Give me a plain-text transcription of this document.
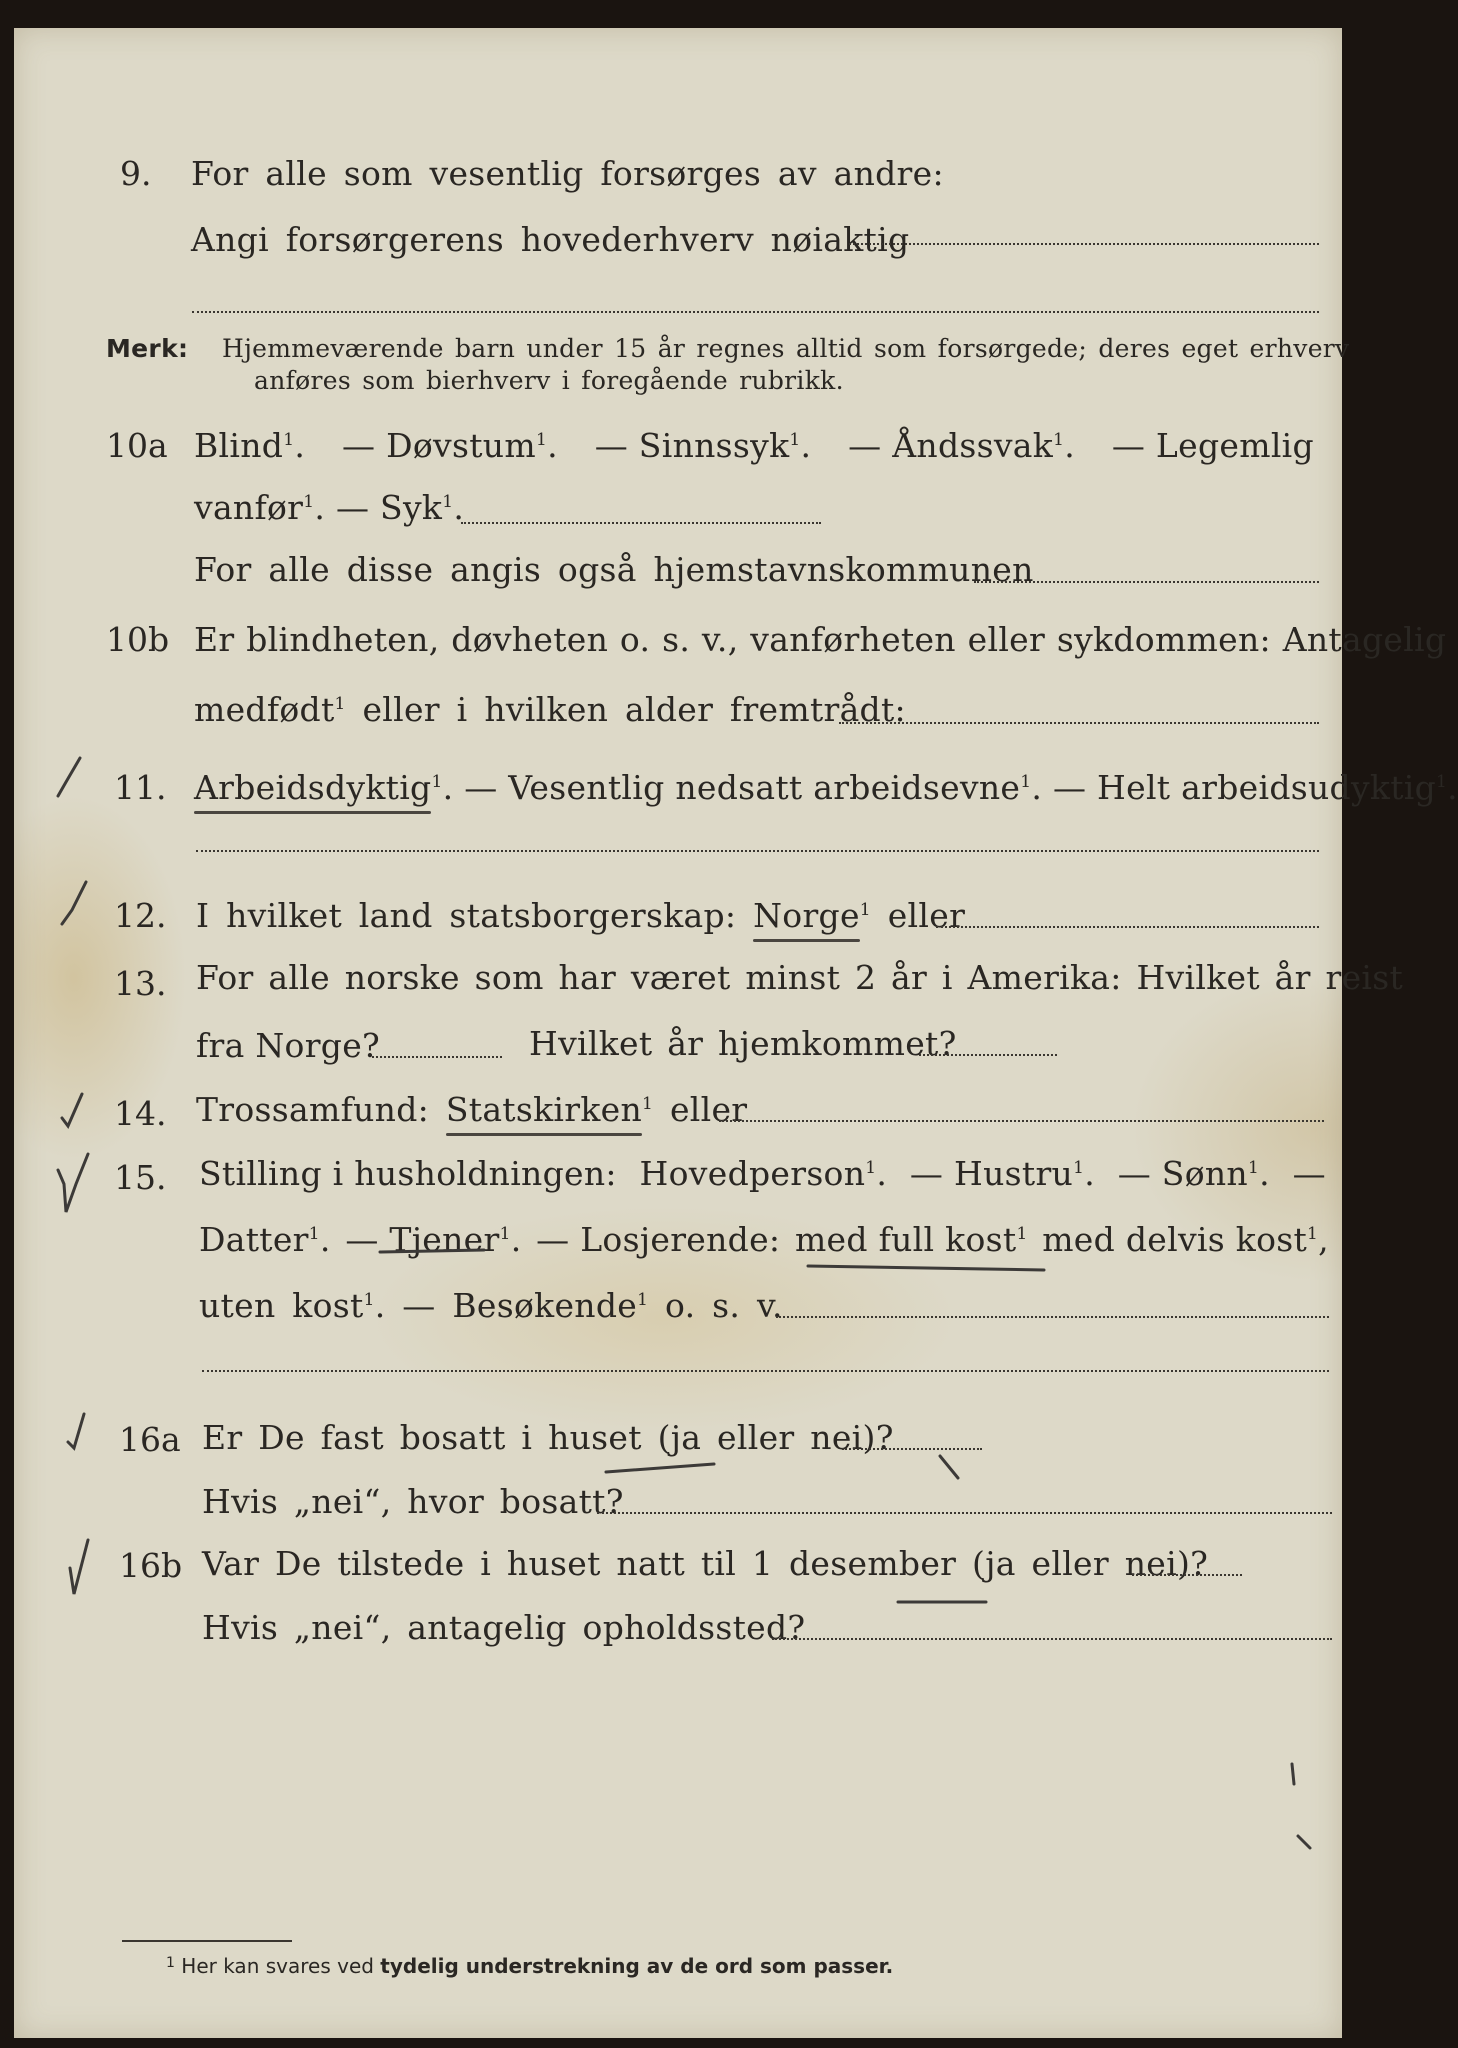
9. For alle som vesentlig forsørges av andre:
Angi forsørgerens hovederhverv nøiaktig
Merk: Hjemmeværende barn under 15 år regnes alltid som forsørgede; deres eget erhverv
anføres som bierhverv i foregående rubrikk.
10a Blind$^1$. — Døvstum$^1$. — Sinnssyk$^1$. — Åndssvak$^1$. — Legemlig
vanfør$^1$. — Syk$^1$.
For alle disse angis også hjemstavnskommunen
10b Er blindheten, døvheten o. s. v., vanførheten eller sykdommen: Antagelig
medfødt$^1$ eller i hvilken alder fremtrådt:
11. Arbeidsdyktig$^1$. — Vesentlig nedsatt arbeidsevne$^1$. — Helt arbeidsudyktig$^1$.
12. I hvilket land statsborgerskap: Norge$^1$ eller
13. For alle norske som har været minst 2 år i Amerika: Hvilket år reist
fra Norge?	Hvilket år hjemkommet?
14. Trossamfund: Statskirken$^1$ eller
15. Stilling i husholdningen: Hovedperson$^1$. — Hustru$^1$. — Sønn$^1$. —
Datter$^1$. — Tjener$^1$. — Losjerende: med full kost$^1$ med delvis kost$^1$,
uten kost$^1$. — Besøkende$^1$ o. s. v.
16a Er De fast bosatt i huset (ja eller nei)?
Hvis „nei“, hvor bosatt?
16b Var De tilstede i huset natt til 1 desember (ja eller nei)?
Hvis „nei“, antagelig opholdssted?
$^1$ Her kan svares ved tydelig understrekning av de ord som passer.
